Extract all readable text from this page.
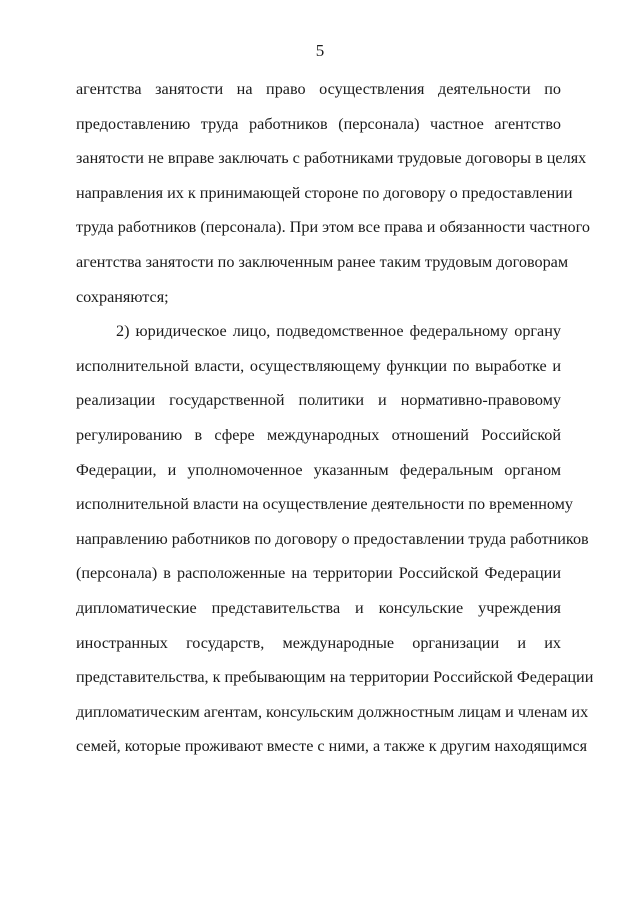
5
агентства занятости на право осуществления деятельности по
предоставлению труда работников (персонала) частное агентство
занятости не вправе заключать с работниками трудовые договоры в целях
направления их к принимающей стороне по договору о предоставлении
труда работников (персонала). При этом все права и обязанности частного
агентства занятости по заключенным ранее таким трудовым договорам
сохраняются;
2) юридическое лицо, подведомственное федеральному органу
исполнительной власти, осуществляющему функции по выработке и
реализации государственной политики и нормативно-правовому
регулированию в сфере международных отношений Российской
Федерации, и уполномоченное указанным федеральным органом
исполнительной власти на осуществление деятельности по временному
направлению работников по договору о предоставлении труда работников
(персонала) в расположенные на территории Российской Федерации
дипломатические представительства и консульские учреждения
иностранных государств, международные организации и их
представительства, к пребывающим на территории Российской Федерации
дипломатическим агентам, консульским должностным лицам и членам их
семей, которые проживают вместе с ними, а также к другим находящимся
